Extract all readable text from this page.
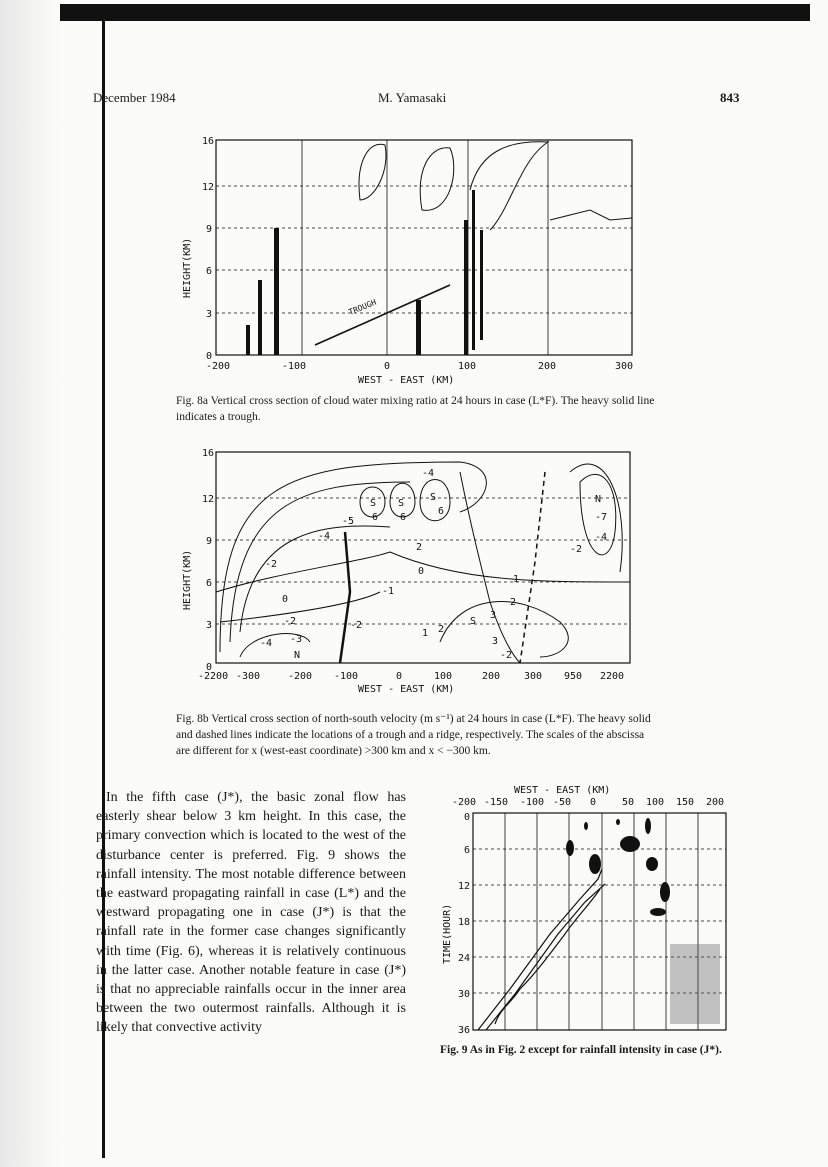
December 1984	M. Yamasaki	843
TROUGH
16
12
9
6
3
0
HEIGHT(KM)
-200	-100	0	100	200	300
WEST - EAST (KM)
Fig. 8a Vertical cross section of cloud water mixing ratio at 24 hours in case (L*F). The heavy solid line indicates a trough.
-4
S S
S
-5 6 6
6
N
-7
-4
-2
-4
2
-2
0
-1
0
1
2
-2	-2
3
S
-4 -3
N
1 2
3
-2
16
12
9
6
3
0
HEIGHT(KM)
-2200 -300	-200 -100	0	100	200 300 950 2200
WEST - EAST (KM)
Fig. 8b Vertical cross section of north-south velocity (m s⁻¹) at 24 hours in case (L*F). The heavy solid and dashed lines indicate the locations of a trough and a ridge, respectively. The scales of the abscissa are different for x (west-east coordinate) >300 km and x < −300 km.

In the fifth case (J*), the basic zonal flow has easterly shear below 3 km height. In this case, the primary convection which is located to the west of the disturbance center is preferred. Fig. 9 shows the rainfall intensity. The most notable difference between the eastward propagating rainfall in case (L*) and the westward propagating one in case (J*) is that the rainfall rate in the former case changes significantly with time (Fig. 6), whereas it is relatively continuous in the latter case. Another notable feature in case (J*) is that no appreciable rainfalls occur in the inner area between the two outermost rainfalls. Although it is likely that convective activity

WEST - EAST (KM)
-200 -150 -100 -50 0	50 100 150 200
0
6
12
18
24
30
36
TIME(HOUR)
Fig. 9 As in Fig. 2 except for rainfall intensity in case (J*).
